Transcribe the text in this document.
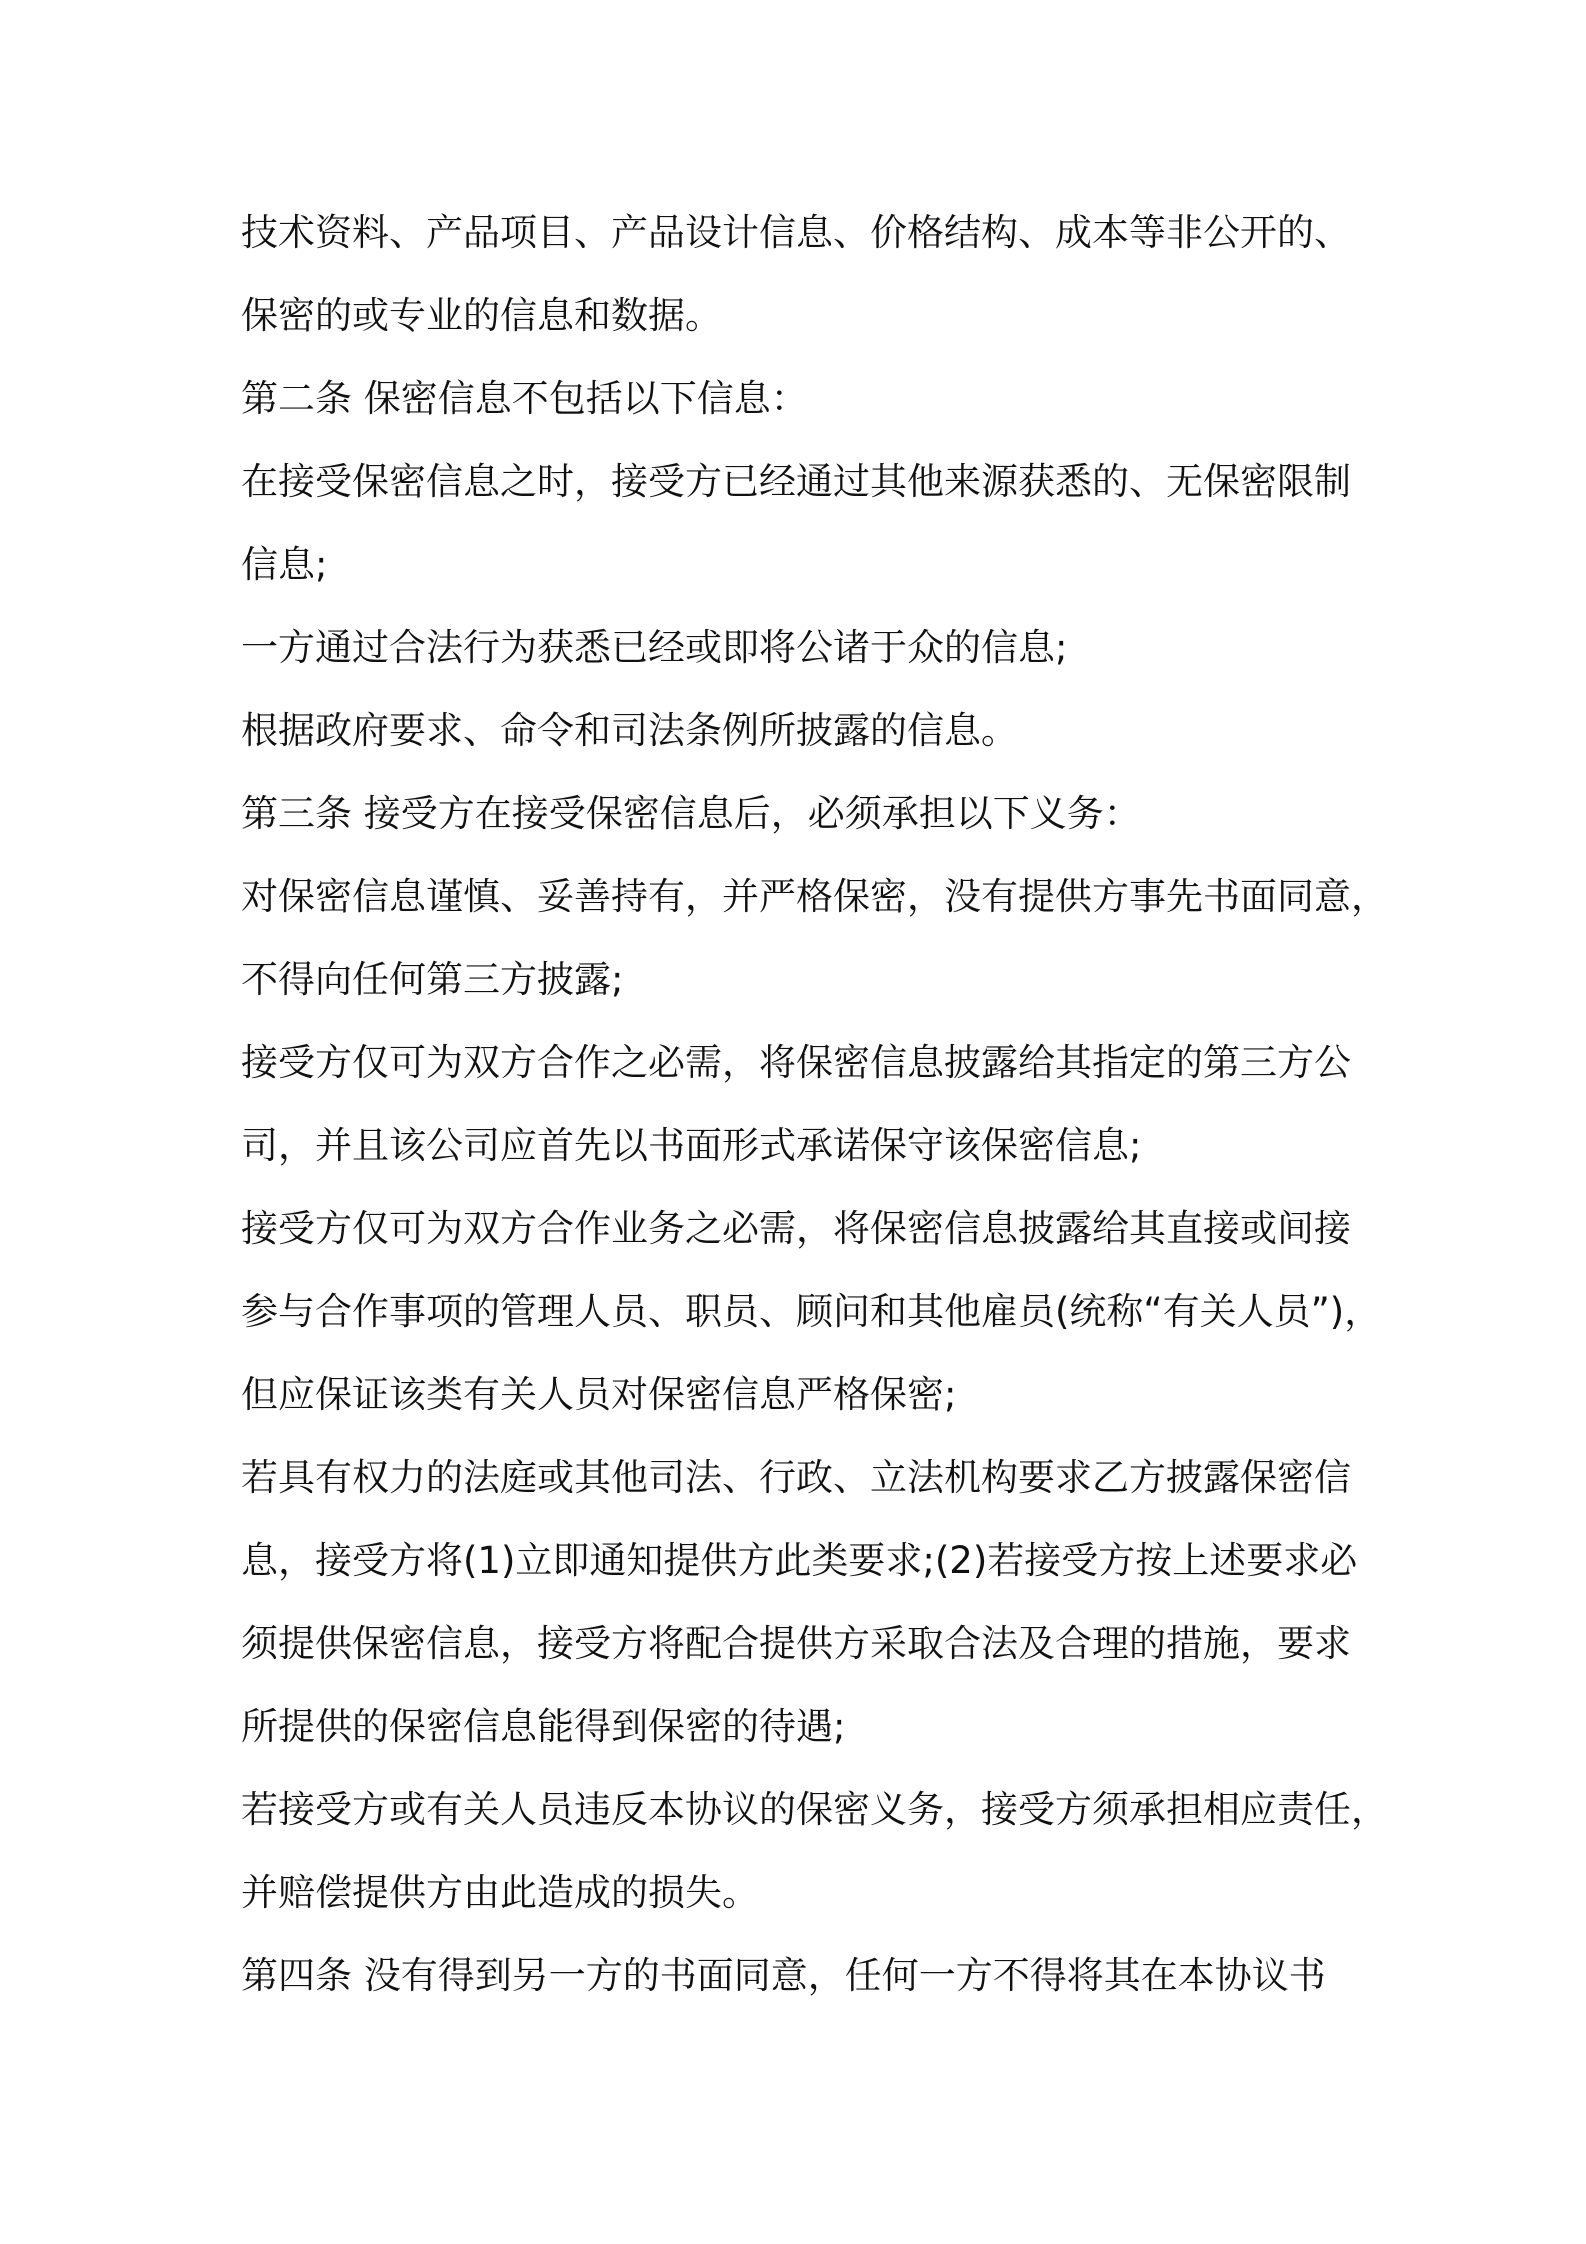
技术资料、产品项目、产品设计信息、价格结构、成本等非公开的、
保密的或专业的信息和数据。
第二条 保密信息不包括以下信息：
在接受保密信息之时，接受方已经通过其他来源获悉的、无保密限制
信息;
一方通过合法行为获悉已经或即将公诸于众的信息;
根据政府要求、命令和司法条例所披露的信息。
第三条 接受方在接受保密信息后，必须承担以下义务：
对保密信息谨慎、妥善持有，并严格保密，没有提供方事先书面同意，
不得向任何第三方披露;
接受方仅可为双方合作之必需，将保密信息披露给其指定的第三方公
司，并且该公司应首先以书面形式承诺保守该保密信息;
接受方仅可为双方合作业务之必需，将保密信息披露给其直接或间接
参与合作事项的管理人员、职员、顾问和其他雇员(统称“有关人员”)，
但应保证该类有关人员对保密信息严格保密;
若具有权力的法庭或其他司法、行政、立法机构要求乙方披露保密信
息，接受方将(1)立即通知提供方此类要求;(2)若接受方按上述要求必
须提供保密信息，接受方将配合提供方采取合法及合理的措施，要求
所提供的保密信息能得到保密的待遇;
若接受方或有关人员违反本协议的保密义务，接受方须承担相应责任，
并赔偿提供方由此造成的损失。
第四条 没有得到另一方的书面同意，任何一方不得将其在本协议书
